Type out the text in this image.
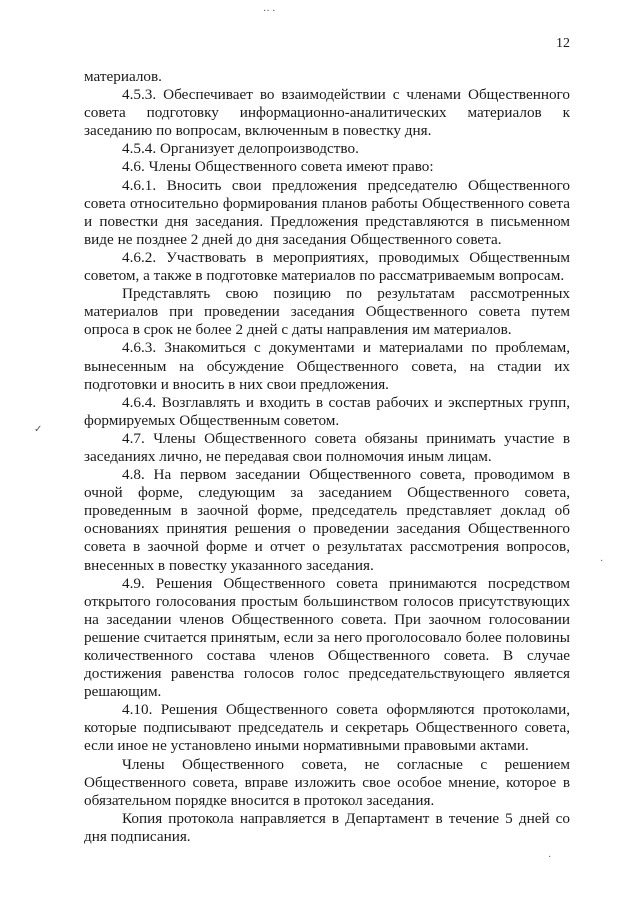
12
·· ·
✓
·
·

материалов.

4.5.3. Обеспечивает во взаимодействии с членами Общественного совета подготовку информационно-аналитических материалов к заседанию по вопросам, включенным в повестку дня.

4.5.4. Организует делопроизводство.

4.6. Члены Общественного совета имеют право:

4.6.1. Вносить свои предложения председателю Общественного совета относительно формирования планов работы Общественного совета и повестки дня заседания. Предложения представляются в письменном виде не позднее 2 дней до дня заседания Общественного совета.

4.6.2. Участвовать в мероприятиях, проводимых Общественным советом, а также в подготовке материалов по рассматриваемым вопросам.

Представлять свою позицию по результатам рассмотренных материалов при проведении заседания Общественного совета путем опроса в срок не более 2 дней с даты направления им материалов.

4.6.3. Знакомиться с документами и материалами по проблемам, вынесенным на обсуждение Общественного совета, на стадии их подготовки и вносить в них свои предложения.

4.6.4. Возглавлять и входить в состав рабочих и экспертных групп, формируемых Общественным советом.

4.7. Члены Общественного совета обязаны принимать участие в заседаниях лично, не передавая свои полномочия иным лицам.

4.8. На первом заседании Общественного совета, проводимом в очной форме, следующим за заседанием Общественного совета, проведенным в заочной форме, председатель представляет доклад об основаниях принятия решения о проведении заседания Общественного совета в заочной форме и отчет о результатах рассмотрения вопросов, внесенных в повестку указанного заседания.

4.9. Решения Общественного совета принимаются посредством открытого голосования простым большинством голосов присутствующих на заседании членов Общественного совета. При заочном голосовании решение считается принятым, если за него проголосовало более половины количественного состава членов Общественного совета. В случае достижения равенства голосов голос председательствующего является решающим.

4.10. Решения Общественного совета оформляются протоколами, которые подписывают председатель и секретарь Общественного совета, если иное не установлено иными нормативными правовыми актами.

Члены Общественного совета, не согласные с решением Общественного совета, вправе изложить свое особое мнение, которое в обязательном порядке вносится в протокол заседания.

Копия протокола направляется в Департамент в течение 5 дней со дня подписания.
